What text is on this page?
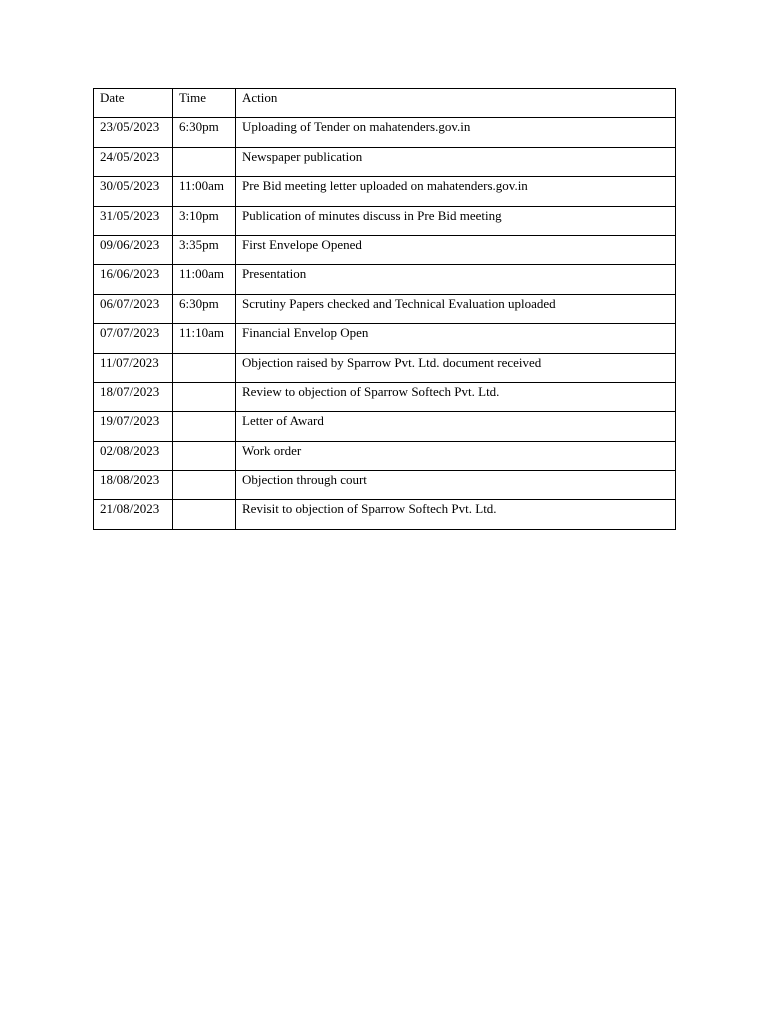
Date	Time	Action
23/05/2023	6:30pm	Uploading of Tender on mahatenders.gov.in
24/05/2023		Newspaper publication
30/05/2023	11:00am	Pre Bid meeting letter uploaded on mahatenders.gov.in
31/05/2023	3:10pm	Publication of minutes discuss in Pre Bid meeting
09/06/2023	3:35pm	First Envelope Opened
16/06/2023	11:00am	Presentation
06/07/2023	6:30pm	Scrutiny Papers checked and Technical Evaluation uploaded
07/07/2023	11:10am	Financial Envelop Open
11/07/2023		Objection raised by Sparrow Pvt. Ltd. document received
18/07/2023		Review to objection of Sparrow Softech Pvt. Ltd.
19/07/2023		Letter of Award
02/08/2023		Work order
18/08/2023		Objection through court
21/08/2023		Revisit to objection of Sparrow Softech Pvt. Ltd.
